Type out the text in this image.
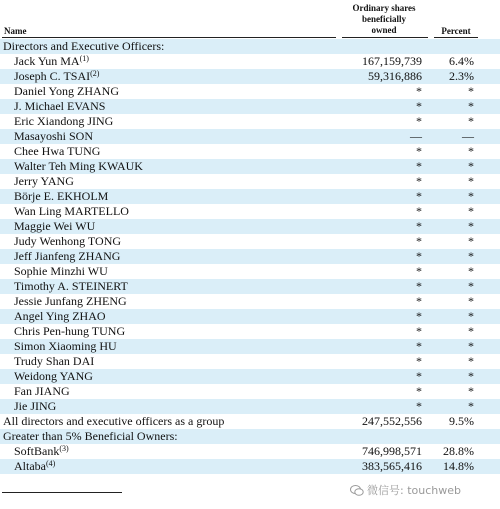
Ordinary shares
beneficially
owned
Name	Percent
Directors and Executive Officers:
Jack Yun MA$^{(1)}$	167,159,739 6.4%
Joseph C. TSAI$^{(2)}$	59,316,886 2.3%
Daniel Yong ZHANG	*	*
J. Michael EVANS	*	*
Eric Xiandong JING	*	*
Masayoshi SON	—	—
Chee Hwa TUNG	*	*
Walter Teh Ming KWAUK	*	*
Jerry YANG	*	*
Börje E. EKHOLM	*	*
Wan Ling MARTELLO	*	*
Maggie Wei WU	*	*
Judy Wenhong TONG	*	*
Jeff Jianfeng ZHANG	*	*
Sophie Minzhi WU	*	*
Timothy A. STEINERT	*	*
Jessie Junfang ZHENG	*	*
Angel Ying ZHAO	*	*
Chris Pen-hung TUNG	*	*
Simon Xiaoming HU	*	*
Trudy Shan DAI	*	*
Weidong YANG	*	*
Fan JIANG	*	*
Jie JING	*	*
All directors and executive officers as a group	247,552,556 9.5%
Greater than 5% Beneficial Owners:
SoftBank$^{(3)}$	746,998,571 28.8%
Altaba$^{(4)}$	383,565,416 14.8%
微信号: touchweb
